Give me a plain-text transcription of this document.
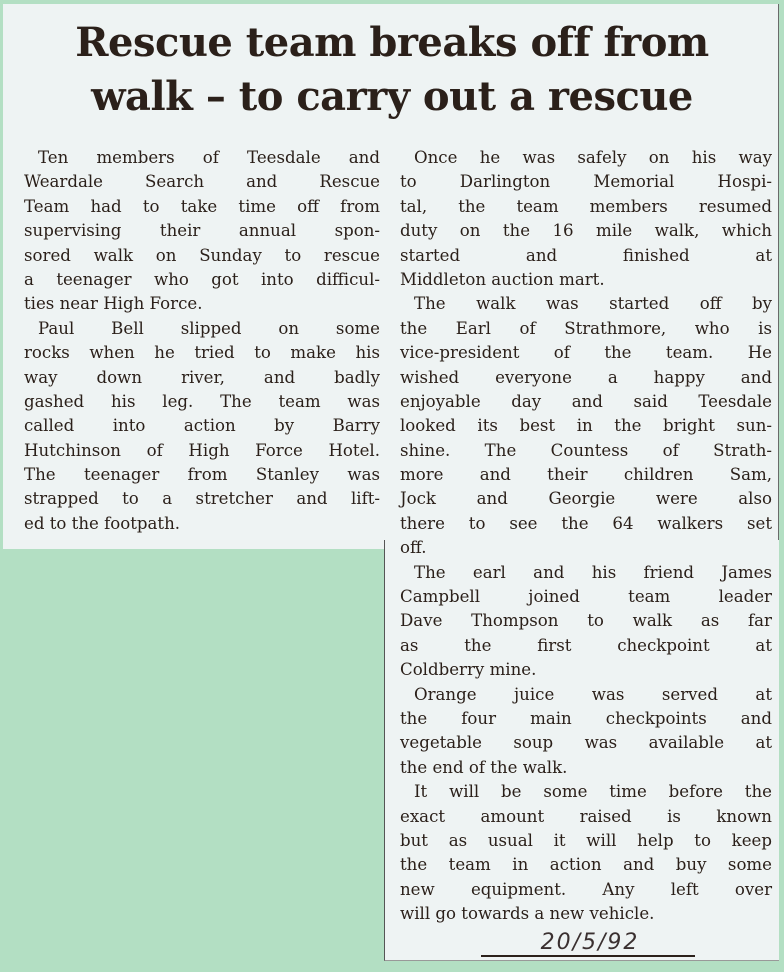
Rescue team breaks off from
walk – to carry out a rescue
Ten members of Teesdale and
Weardale Search and Rescue
Team had to take time off from
supervising their annual spon-
sored walk on Sunday to rescue
a teenager who got into difficul-
ties near High Force.
Paul Bell slipped on some
rocks when he tried to make his
way down river, and badly
gashed his leg. The team was
called into action by Barry
Hutchinson of High Force Hotel.
The teenager from Stanley was
strapped to a stretcher and lift-
ed to the footpath.
Once he was safely on his way
to Darlington Memorial Hospi-
tal, the team members resumed
duty on the 16 mile walk, which
started and finished at
Middleton auction mart.
The walk was started off by
the Earl of Strathmore, who is
vice-president of the team. He
wished everyone a happy and
enjoyable day and said Teesdale
looked its best in the bright sun-
shine. The Countess of Strath-
more and their children Sam,
Jock and Georgie were also
there to see the 64 walkers set
off.
The earl and his friend James
Campbell joined team leader
Dave Thompson to walk as far
as the first checkpoint at
Coldberry mine.
Orange juice was served at
the four main checkpoints and
vegetable soup was available at
the end of the walk.
It will be some time before the
exact amount raised is known
but as usual it will help to keep
the team in action and buy some
new equipment. Any left over
will go towards a new vehicle.
20/5/92
